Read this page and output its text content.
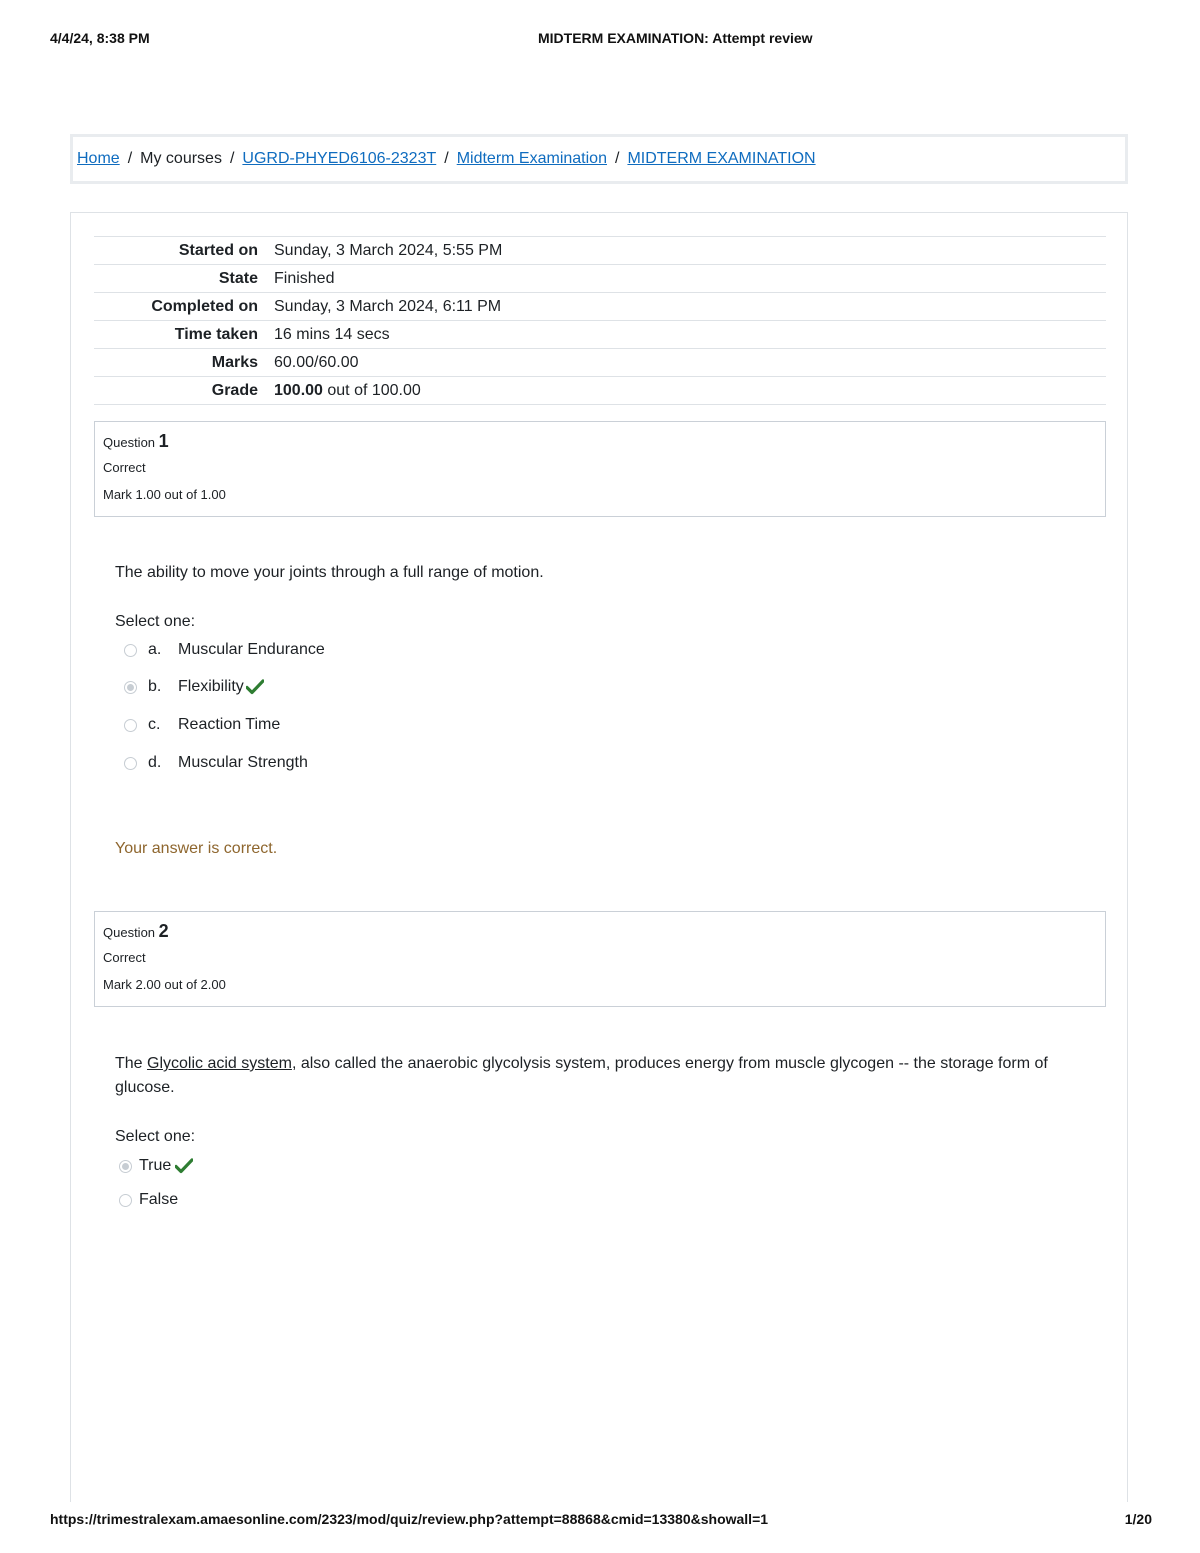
4/4/24, 8:38 PM	MIDTERM EXAMINATION: Attempt review
Home / My courses / UGRD-PHYED6106-2323T / Midterm Examination / MIDTERM EXAMINATION
Started on	Sunday, 3 March 2024, 5:55 PM
State	Finished
Completed on	Sunday, 3 March 2024, 6:11 PM
Time taken	16 mins 14 secs
Marks	60.00/60.00
Grade	100.00 out of 100.00
Question 1
Correct
Mark 1.00 out of 1.00
The ability to move your joints through a full range of motion.
Select one:
a.	Muscular Endurance
b.	Flexibility
c.	Reaction Time
d.	Muscular Strength
Your answer is correct.
Question 2
Correct
Mark 2.00 out of 2.00
The Glycolic acid system, also called the anaerobic glycolysis system, produces energy from muscle glycogen -- the storage form of
glucose.
Select one:
True
False
https://trimestralexam.amaesonline.com/2323/mod/quiz/review.php?attempt=88868&cmid=13380&showall=1	1/20
